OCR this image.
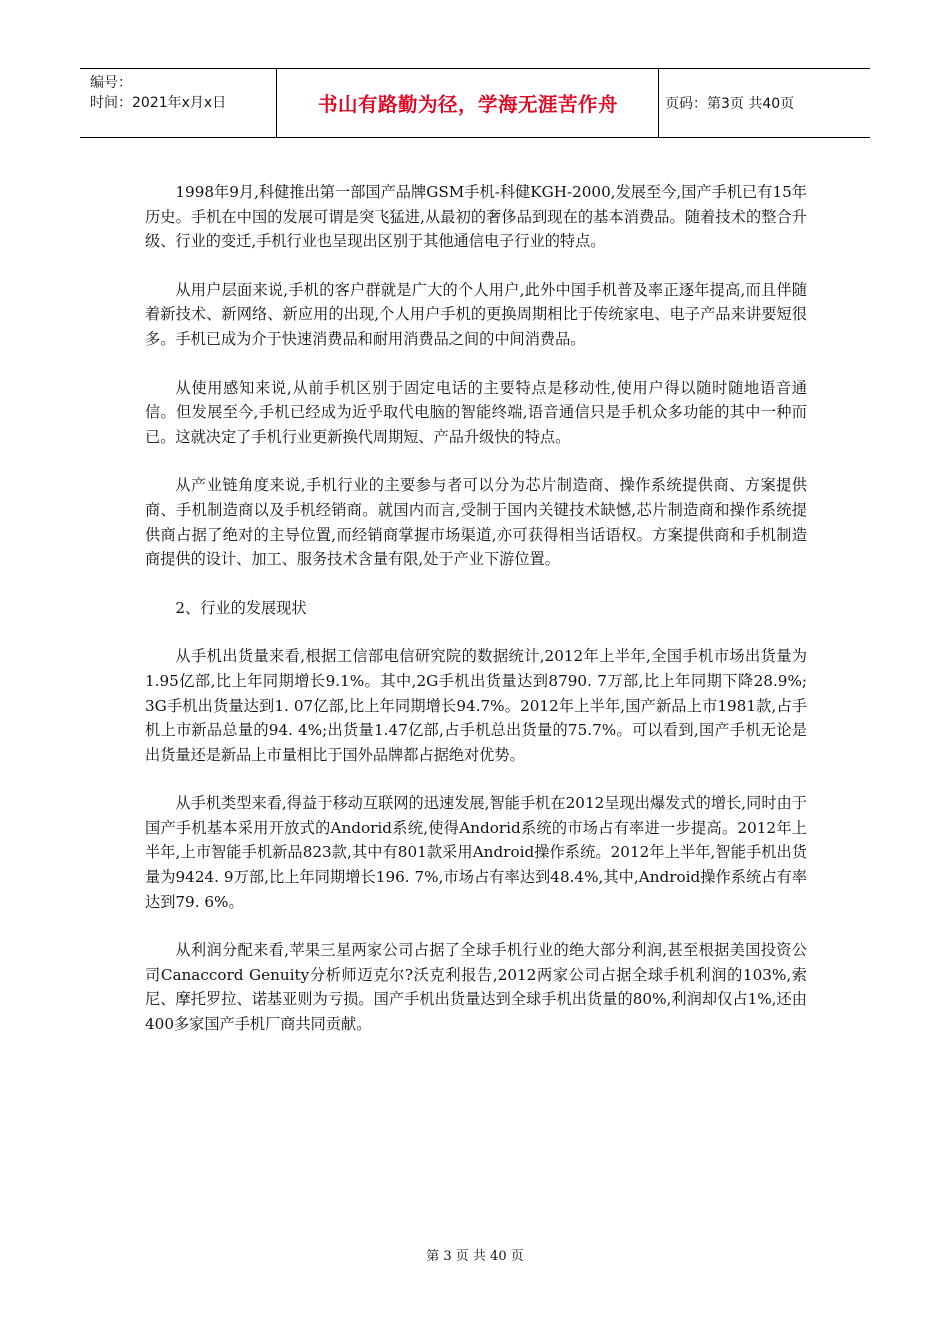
编号：
时间：2021年x月x日	书山有路勤为径，学海无涯苦作舟	页码：第3页 共40页

1998年9月,科健推出第一部国产品牌GSM手机-科健KGH-2000,发展至今,国产手机已有15年历史。手机在中国的发展可谓是突飞猛进,从最初的奢侈品到现在的基本消费品。随着技术的整合升级、行业的变迁,手机行业也呈现出区别于其他通信电子行业的特点。

从用户层面来说,手机的客户群就是广大的个人用户,此外中国手机普及率正逐年提高,而且伴随着新技术、新网络、新应用的出现,个人用户手机的更换周期相比于传统家电、电子产品来讲要短很多。手机已成为介于快速消费品和耐用消费品之间的中间消费品。

从使用感知来说,从前手机区别于固定电话的主要特点是移动性,使用户得以随时随地语音通信。但发展至今,手机已经成为近乎取代电脑的智能终端,语音通信只是手机众多功能的其中一种而已。这就决定了手机行业更新换代周期短、产品升级快的特点。

从产业链角度来说,手机行业的主要参与者可以分为芯片制造商、操作系统提供商、方案提供商、手机制造商以及手机经销商。就国内而言,受制于国内关键技术缺憾,芯片制造商和操作系统提供商占据了绝对的主导位置,而经销商掌握市场渠道,亦可获得相当话语权。方案提供商和手机制造商提供的设计、加工、服务技术含量有限,处于产业下游位置。

2、行业的发展现状

从手机出货量来看,根据工信部电信研究院的数据统计,2012年上半年,全国手机市场出货量为1.95亿部,比上年同期增长9.1%。其中,2G手机出货量达到8790. 7万部,比上年同期下降28.9%; 3G手机出货量达到1. 07亿部,比上年同期增长94.7%。2012年上半年,国产新品上市1981款,占手机上市新品总量的94. 4%;出货量1.47亿部,占手机总出货量的75.7%。可以看到,国产手机无论是出货量还是新品上市量相比于国外品牌都占据绝对优势。

从手机类型来看,得益于移动互联网的迅速发展,智能手机在2012呈现出爆发式的增长,同时由于国产手机基本采用开放式的Andorid系统,使得Andorid系统的市场占有率进一步提高。2012年上半年,上市智能手机新品823款,其中有801款采用Android操作系统。2012年上半年,智能手机出货量为9424. 9万部,比上年同期增长196. 7%,市场占有率达到48.4%,其中,Android操作系统占有率达到79. 6%。

从利润分配来看,苹果三星两家公司占据了全球手机行业的绝大部分利润,甚至根据美国投资公司Canaccord Genuity分析师迈克尔?沃克利报告,2012两家公司占据全球手机利润的103%,索尼、摩托罗拉、诺基亚则为亏损。国产手机出货量达到全球手机出货量的80%,利润却仅占1%,还由400多家国产手机厂商共同贡献。

第 3 页 共 40 页
